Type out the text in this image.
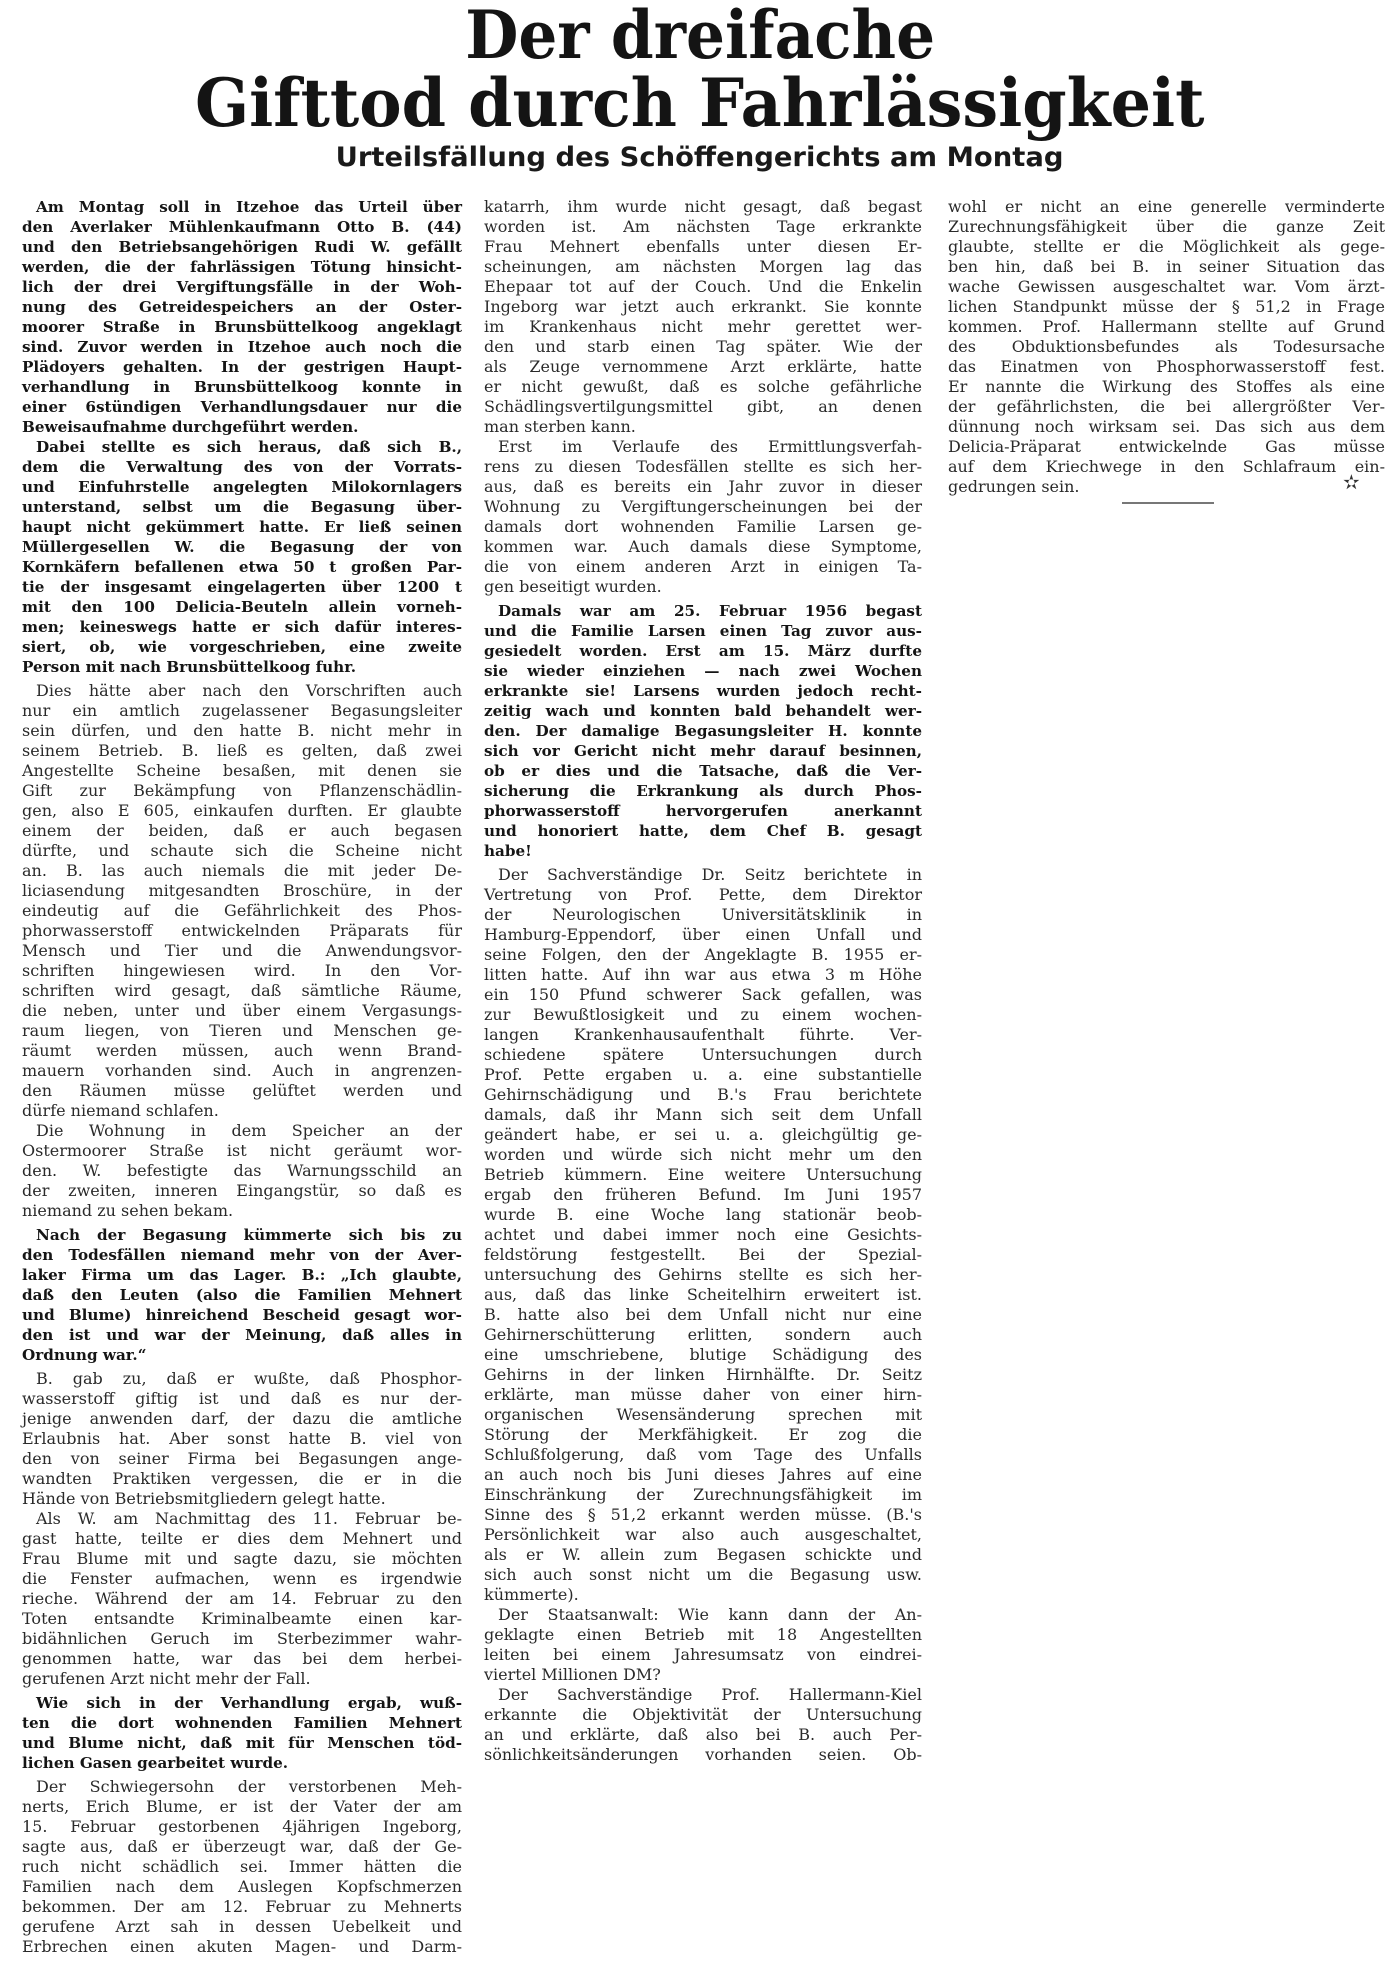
Der dreifache
Gifttod durch Fahrlässigkeit
Urteilsfällung des Schöffengerichts am Montag
Am Montag soll in Itzehoe das Urteil über
den Averlaker Mühlenkaufmann Otto B. (44)
und den Betriebsangehörigen Rudi W. gefällt
werden, die der fahrlässigen Tötung hinsicht-
lich der drei Vergiftungsfälle in der Woh-
nung des Getreidespeichers an der Oster-
moorer Straße in Brunsbüttelkoog angeklagt
sind. Zuvor werden in Itzehoe auch noch die
Plädoyers gehalten. In der gestrigen Haupt-
verhandlung in Brunsbüttelkoog konnte in
einer 6stündigen Verhandlungsdauer nur die
Beweisaufnahme durchgeführt werden.
Dabei stellte es sich heraus, daß sich B.,
dem die Verwaltung des von der Vorrats-
und Einfuhrstelle angelegten Milokornlagers
unterstand, selbst um die Begasung über-
haupt nicht gekümmert hatte. Er ließ seinen
Müllergesellen W. die Begasung der von
Kornkäfern befallenen etwa 50 t großen Par-
tie der insgesamt eingelagerten über 1200 t
mit den 100 Delicia-Beuteln allein vorneh-
men; keineswegs hatte er sich dafür interes-
siert, ob, wie vorgeschrieben, eine zweite
Person mit nach Brunsbüttelkoog fuhr.
Dies hätte aber nach den Vorschriften auch
nur ein amtlich zugelassener Begasungsleiter
sein dürfen, und den hatte B. nicht mehr in
seinem Betrieb. B. ließ es gelten, daß zwei
Angestellte Scheine besaßen, mit denen sie
Gift zur Bekämpfung von Pflanzenschädlin-
gen, also E 605, einkaufen durften. Er glaubte
einem der beiden, daß er auch begasen
dürfte, und schaute sich die Scheine nicht
an. B. las auch niemals die mit jeder De-
liciasendung mitgesandten Broschüre, in der
eindeutig auf die Gefährlichkeit des Phos-
phorwasserstoff entwickelnden Präparats für
Mensch und Tier und die Anwendungsvor-
schriften hingewiesen wird. In den Vor-
schriften wird gesagt, daß sämtliche Räume,
die neben, unter und über einem Vergasungs-
raum liegen, von Tieren und Menschen ge-
räumt werden müssen, auch wenn Brand-
mauern vorhanden sind. Auch in angrenzen-
den Räumen müsse gelüftet werden und
dürfe niemand schlafen.
Die Wohnung in dem Speicher an der
Ostermoorer Straße ist nicht geräumt wor-
den. W. befestigte das Warnungsschild an
der zweiten, inneren Eingangstür, so daß es
niemand zu sehen bekam.
Nach der Begasung kümmerte sich bis zu
den Todesfällen niemand mehr von der Aver-
laker Firma um das Lager. B.: „Ich glaubte,
daß den Leuten (also die Familien Mehnert
und Blume) hinreichend Bescheid gesagt wor-
den ist und war der Meinung, daß alles in
Ordnung war.“
B. gab zu, daß er wußte, daß Phosphor-
wasserstoff giftig ist und daß es nur der-
jenige anwenden darf, der dazu die amtliche
Erlaubnis hat. Aber sonst hatte B. viel von
den von seiner Firma bei Begasungen ange-
wandten Praktiken vergessen, die er in die
Hände von Betriebsmitgliedern gelegt hatte.
Als W. am Nachmittag des 11. Februar be-
gast hatte, teilte er dies dem Mehnert und
Frau Blume mit und sagte dazu, sie möchten
die Fenster aufmachen, wenn es irgendwie
rieche. Während der am 14. Februar zu den
Toten entsandte Kriminalbeamte einen kar-
bidähnlichen Geruch im Sterbezimmer wahr-
genommen hatte, war das bei dem herbei-
gerufenen Arzt nicht mehr der Fall.
Wie sich in der Verhandlung ergab, wuß-
ten die dort wohnenden Familien Mehnert
und Blume nicht, daß mit für Menschen töd-
lichen Gasen gearbeitet wurde.
Der Schwiegersohn der verstorbenen Meh-
nerts, Erich Blume, er ist der Vater der am
15. Februar gestorbenen 4jährigen Ingeborg,
sagte aus, daß er überzeugt war, daß der Ge-
ruch nicht schädlich sei. Immer hätten die
Familien nach dem Auslegen Kopfschmerzen
bekommen. Der am 12. Februar zu Mehnerts
gerufene Arzt sah in dessen Uebelkeit und
Erbrechen einen akuten Magen- und Darm-
katarrh, ihm wurde nicht gesagt, daß begast
worden ist. Am nächsten Tage erkrankte
Frau Mehnert ebenfalls unter diesen Er-
scheinungen, am nächsten Morgen lag das
Ehepaar tot auf der Couch. Und die Enkelin
Ingeborg war jetzt auch erkrankt. Sie konnte
im Krankenhaus nicht mehr gerettet wer-
den und starb einen Tag später. Wie der
als Zeuge vernommene Arzt erklärte, hatte
er nicht gewußt, daß es solche gefährliche
Schädlingsvertilgungsmittel gibt, an denen
man sterben kann.
Erst im Verlaufe des Ermittlungsverfah-
rens zu diesen Todesfällen stellte es sich her-
aus, daß es bereits ein Jahr zuvor in dieser
Wohnung zu Vergiftungerscheinungen bei der
damals dort wohnenden Familie Larsen ge-
kommen war. Auch damals diese Symptome,
die von einem anderen Arzt in einigen Ta-
gen beseitigt wurden.
Damals war am 25. Februar 1956 begast
und die Familie Larsen einen Tag zuvor aus-
gesiedelt worden. Erst am 15. März durfte
sie wieder einziehen — nach zwei Wochen
erkrankte sie! Larsens wurden jedoch recht-
zeitig wach und konnten bald behandelt wer-
den. Der damalige Begasungsleiter H. konnte
sich vor Gericht nicht mehr darauf besinnen,
ob er dies und die Tatsache, daß die Ver-
sicherung die Erkrankung als durch Phos-
phorwasserstoff hervorgerufen anerkannt
und honoriert hatte, dem Chef B. gesagt
habe!
Der Sachverständige Dr. Seitz berichtete in
Vertretung von Prof. Pette, dem Direktor
der Neurologischen Universitätsklinik in
Hamburg-Eppendorf, über einen Unfall und
seine Folgen, den der Angeklagte B. 1955 er-
litten hatte. Auf ihn war aus etwa 3 m Höhe
ein 150 Pfund schwerer Sack gefallen, was
zur Bewußtlosigkeit und zu einem wochen-
langen Krankenhausaufenthalt führte. Ver-
schiedene spätere Untersuchungen durch
Prof. Pette ergaben u. a. eine substantielle
Gehirnschädigung und B.'s Frau berichtete
damals, daß ihr Mann sich seit dem Unfall
geändert habe, er sei u. a. gleichgültig ge-
worden und würde sich nicht mehr um den
Betrieb kümmern. Eine weitere Untersuchung
ergab den früheren Befund. Im Juni 1957
wurde B. eine Woche lang stationär beob-
achtet und dabei immer noch eine Gesichts-
feldstörung festgestellt. Bei der Spezial-
untersuchung des Gehirns stellte es sich her-
aus, daß das linke Scheitelhirn erweitert ist.
B. hatte also bei dem Unfall nicht nur eine
Gehirnerschütterung erlitten, sondern auch
eine umschriebene, blutige Schädigung des
Gehirns in der linken Hirnhälfte. Dr. Seitz
erklärte, man müsse daher von einer hirn-
organischen Wesensänderung sprechen mit
Störung der Merkfähigkeit. Er zog die
Schlußfolgerung, daß vom Tage des Unfalls
an auch noch bis Juni dieses Jahres auf eine
Einschränkung der Zurechnungsfähigkeit im
Sinne des § 51,2 erkannt werden müsse. (B.'s
Persönlichkeit war also auch ausgeschaltet,
als er W. allein zum Begasen schickte und
sich auch sonst nicht um die Begasung usw.
kümmerte).
Der Staatsanwalt: Wie kann dann der An-
geklagte einen Betrieb mit 18 Angestellten
leiten bei einem Jahresumsatz von eindrei-
viertel Millionen DM?
Der Sachverständige Prof. Hallermann-Kiel
erkannte die Objektivität der Untersuchung
an und erklärte, daß also bei B. auch Per-
sönlichkeitsänderungen vorhanden seien. Ob-
wohl er nicht an eine generelle verminderte
Zurechnungsfähigkeit über die ganze Zeit
glaubte, stellte er die Möglichkeit als gege-
ben hin, daß bei B. in seiner Situation das
wache Gewissen ausgeschaltet war. Vom ärzt-
lichen Standpunkt müsse der § 51,2 in Frage
kommen. Prof. Hallermann stellte auf Grund
des Obduktionsbefundes als Todesursache
das Einatmen von Phosphorwasserstoff fest.
Er nannte die Wirkung des Stoffes als eine
der gefährlichsten, die bei allergrößter Ver-
dünnung noch wirksam sei. Das sich aus dem
Delicia-Präparat entwickelnde Gas müsse
auf dem Kriechwege in den Schlafraum ein-
gedrungen sein.	✫
